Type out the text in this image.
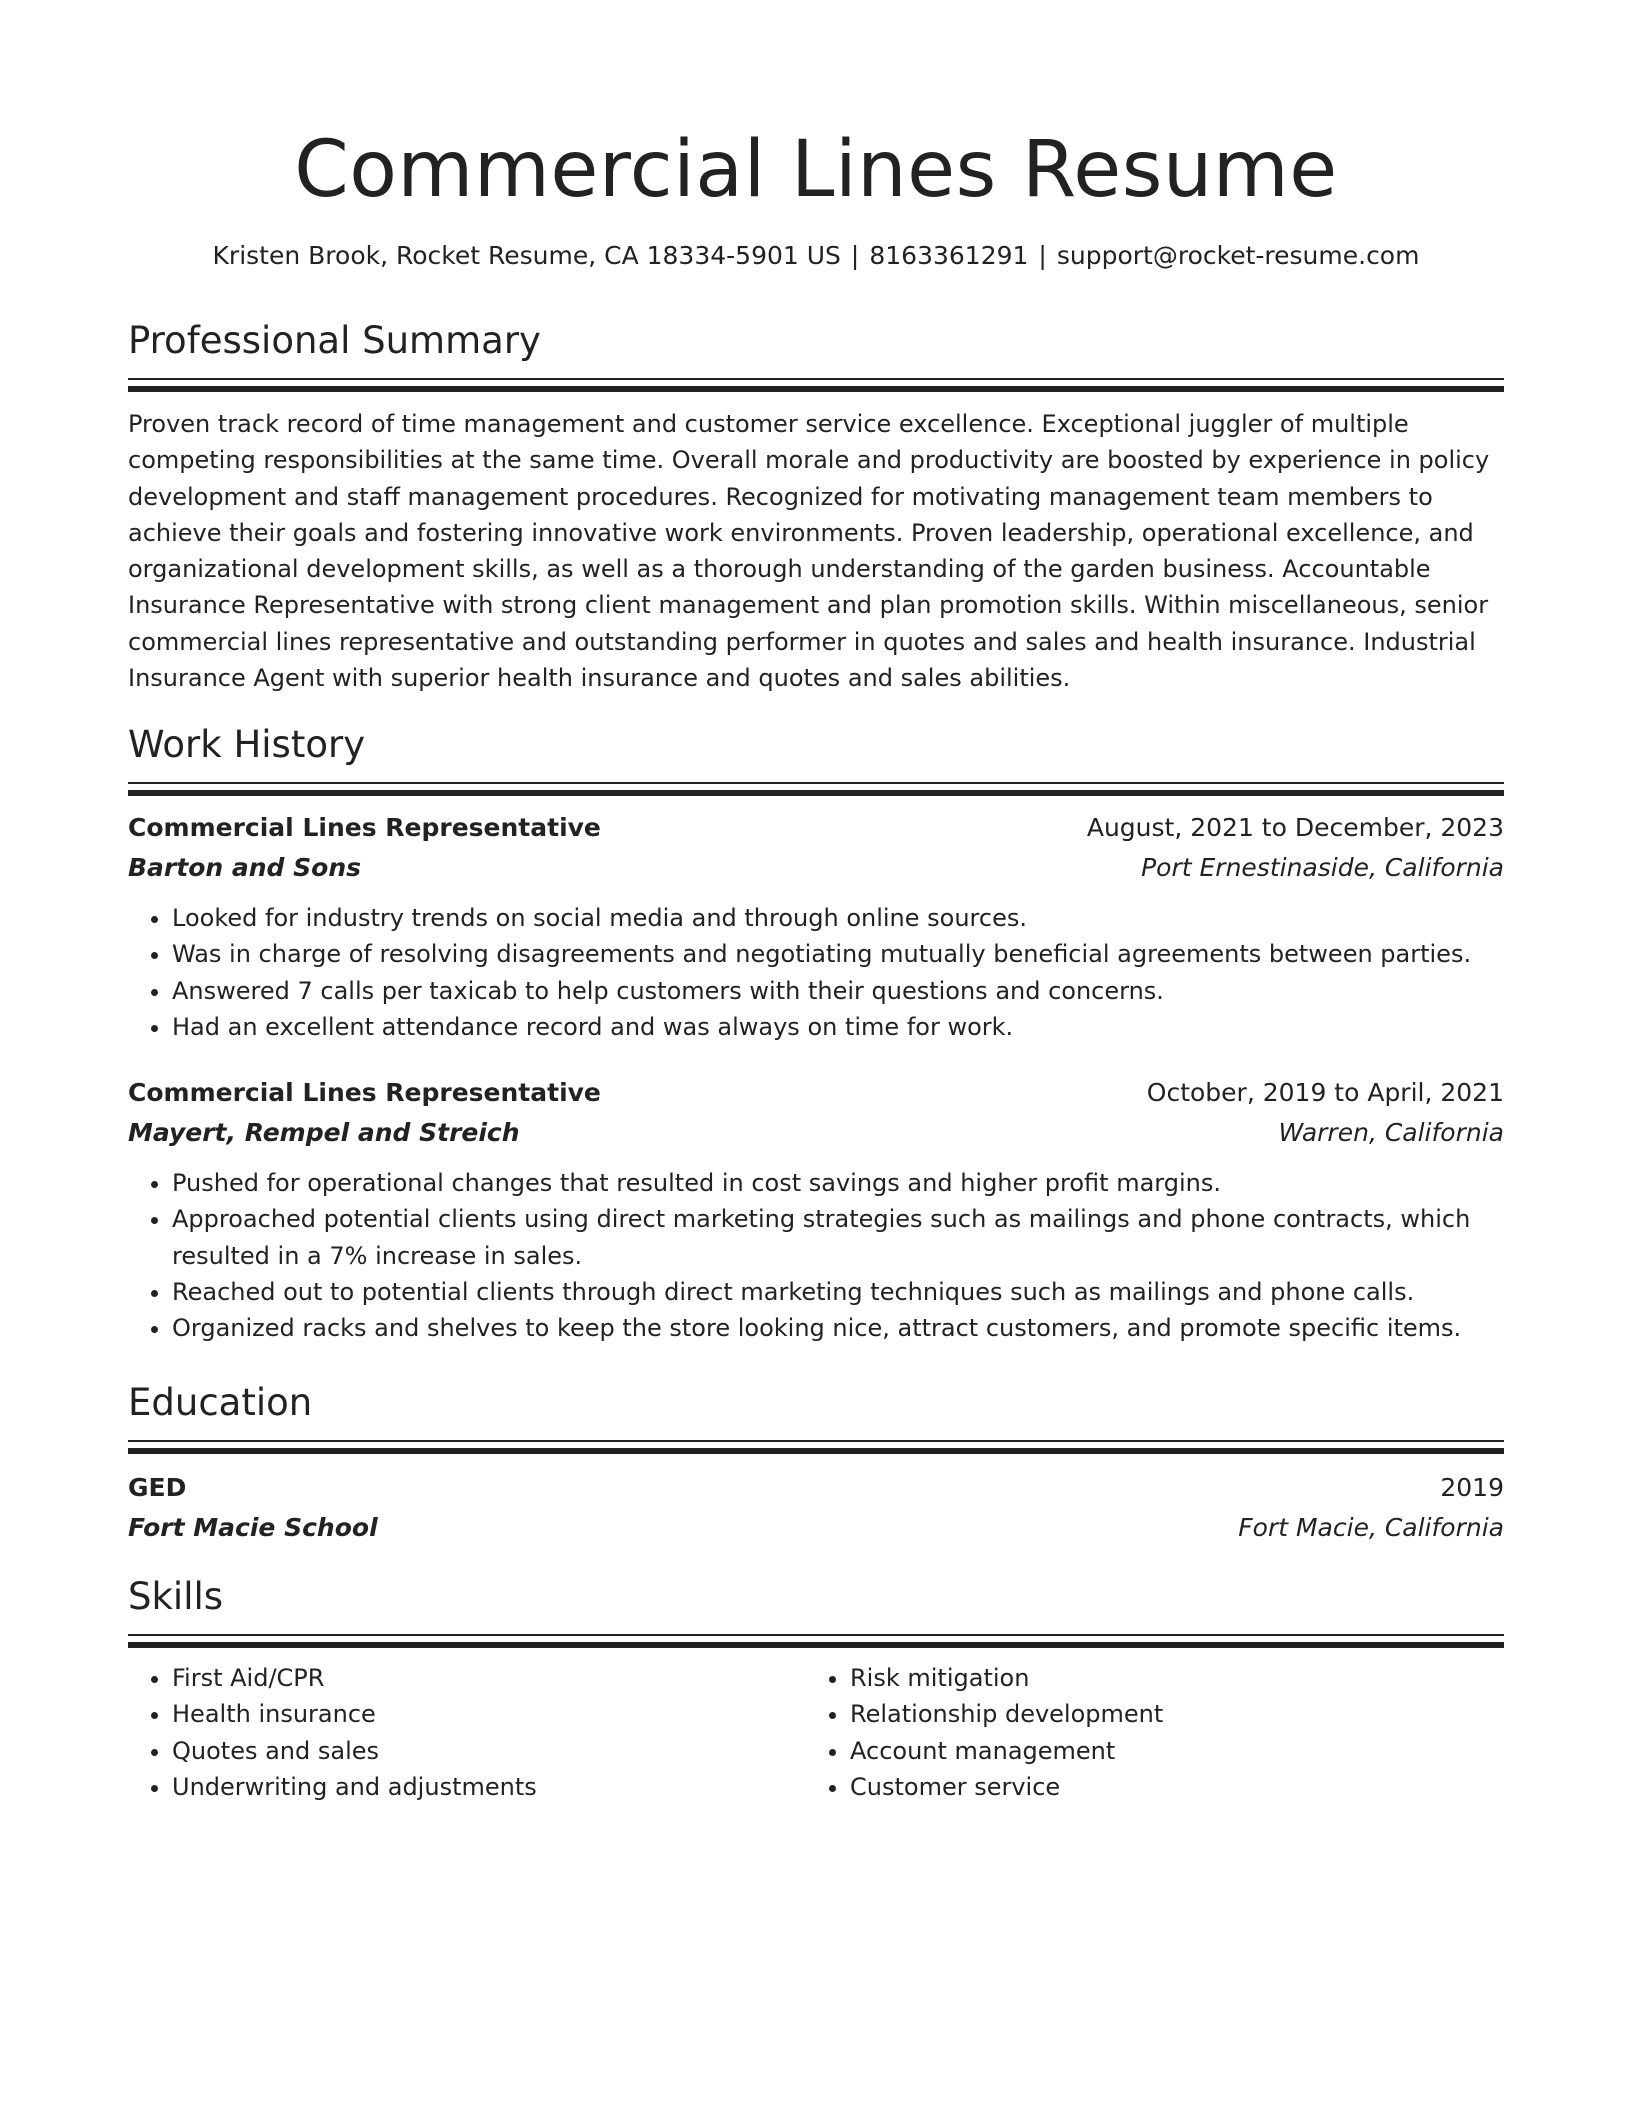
Commercial Lines Resume
Kristen Brook, Rocket Resume, CA 18334-5901 US | 8163361291 | support@rocket-resume.com
Professional Summary

Proven track record of time management and customer service excellence. Exceptional juggler of multiple competing responsibilities at the same time. Overall morale and productivity are boosted by experience in policy development and staff management procedures. Recognized for motivating management team members to achieve their goals and fostering innovative work environments. Proven leadership, operational excellence, and organizational development skills, as well as a thorough understanding of the garden business. Accountable Insurance Representative with strong client management and plan promotion skills. Within miscellaneous, senior commercial lines representative and outstanding performer in quotes and sales and health insurance. Industrial Insurance Agent with superior health insurance and quotes and sales abilities.

Work History
Commercial Lines Representative	August, 2021 to December, 2023
Barton and Sons	Port Ernestinaside, California
• Looked for industry trends on social media and through online sources.
• Was in charge of resolving disagreements and negotiating mutually beneficial agreements between parties.
• Answered 7 calls per taxicab to help customers with their questions and concerns.
• Had an excellent attendance record and was always on time for work.
Commercial Lines Representative	October, 2019 to April, 2021
Mayert, Rempel and Streich	Warren, California
• Pushed for operational changes that resulted in cost savings and higher profit margins.
• Approached potential clients using direct marketing strategies such as mailings and phone contracts, which resulted in a 7% increase in sales.
• Reached out to potential clients through direct marketing techniques such as mailings and phone calls.
• Organized racks and shelves to keep the store looking nice, attract customers, and promote specific items.
Education
GED	2019
Fort Macie School	Fort Macie, California
Skills
• First Aid/CPR
• Health insurance
• Quotes and sales
• Underwriting and adjustments
• Risk mitigation
• Relationship development
• Account management
• Customer service
